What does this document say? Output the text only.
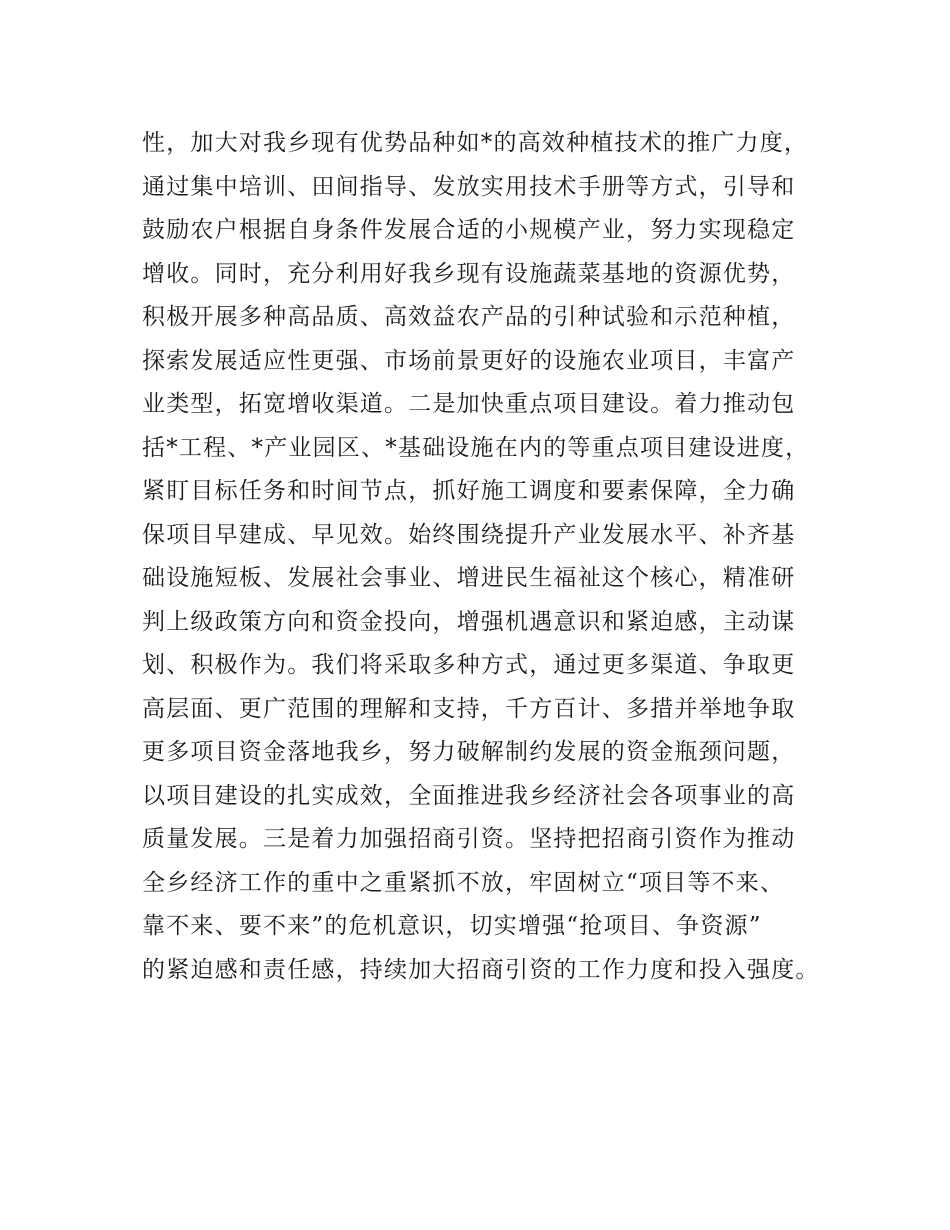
性，加大对我乡现有优势品种如*的高效种植技术的推广力度，
通过集中培训、田间指导、发放实用技术手册等方式，引导和
鼓励农户根据自身条件发展合适的小规模产业，努力实现稳定
增收。同时，充分利用好我乡现有设施蔬菜基地的资源优势，
积极开展多种高品质、高效益农产品的引种试验和示范种植，
探索发展适应性更强、市场前景更好的设施农业项目，丰富产
业类型，拓宽增收渠道。二是加快重点项目建设。着力推动包
括*工程、*产业园区、*基础设施在内的等重点项目建设进度，
紧盯目标任务和时间节点，抓好施工调度和要素保障，全力确
保项目早建成、早见效。始终围绕提升产业发展水平、补齐基
础设施短板、发展社会事业、增进民生福祉这个核心，精准研
判上级政策方向和资金投向，增强机遇意识和紧迫感，主动谋
划、积极作为。我们将采取多种方式，通过更多渠道、争取更
高层面、更广范围的理解和支持，千方百计、多措并举地争取
更多项目资金落地我乡，努力破解制约发展的资金瓶颈问题，
以项目建设的扎实成效，全面推进我乡经济社会各项事业的高
质量发展。三是着力加强招商引资。坚持把招商引资作为推动
全乡经济工作的重中之重紧抓不放，牢固树立“项目等不来、
靠不来、要不来”的危机意识，切实增强“抢项目、争资源”
的紧迫感和责任感，持续加大招商引资的工作力度和投入强度。
